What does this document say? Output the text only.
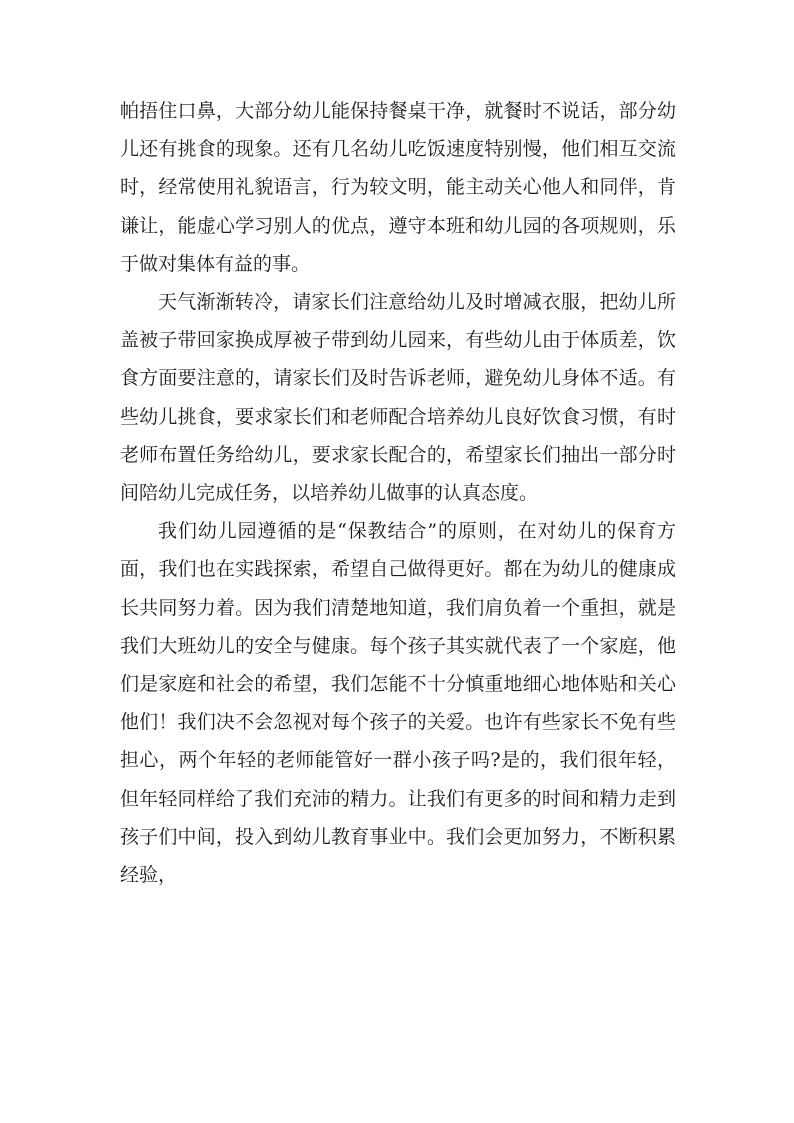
帕捂住口鼻，大部分幼儿能保持餐桌干净，就餐时不说话，部分幼儿还有挑食的现象。还有几名幼儿吃饭速度特别慢，他们相互交流时，经常使用礼貌语言，行为较文明，能主动关心他人和同伴，肯谦让，能虚心学习别人的优点，遵守本班和幼儿园的各项规则，乐于做对集体有益的事。

天气渐渐转冷，请家长们注意给幼儿及时增减衣服，把幼儿所盖被子带回家换成厚被子带到幼儿园来，有些幼儿由于体质差，饮食方面要注意的，请家长们及时告诉老师，避免幼儿身体不适。有些幼儿挑食，要求家长们和老师配合培养幼儿良好饮食习惯，有时老师布置任务给幼儿，要求家长配合的，希望家长们抽出一部分时间陪幼儿完成任务，以培养幼儿做事的认真态度。

我们幼儿园遵循的是“保教结合”的原则，在对幼儿的保育方面，我们也在实践探索，希望自己做得更好。都在为幼儿的健康成长共同努力着。因为我们清楚地知道，我们肩负着一个重担，就是我们大班幼儿的安全与健康。每个孩子其实就代表了一个家庭，他们是家庭和社会的希望，我们怎能不十分慎重地细心地体贴和关心他们！我们决不会忽视对每个孩子的关爱。也许有些家长不免有些担心，两个年轻的老师能管好一群小孩子吗?是的，我们很年轻，但年轻同样给了我们充沛的精力。让我们有更多的时间和精力走到孩子们中间，投入到幼儿教育事业中。我们会更加努力，不断积累经验，
